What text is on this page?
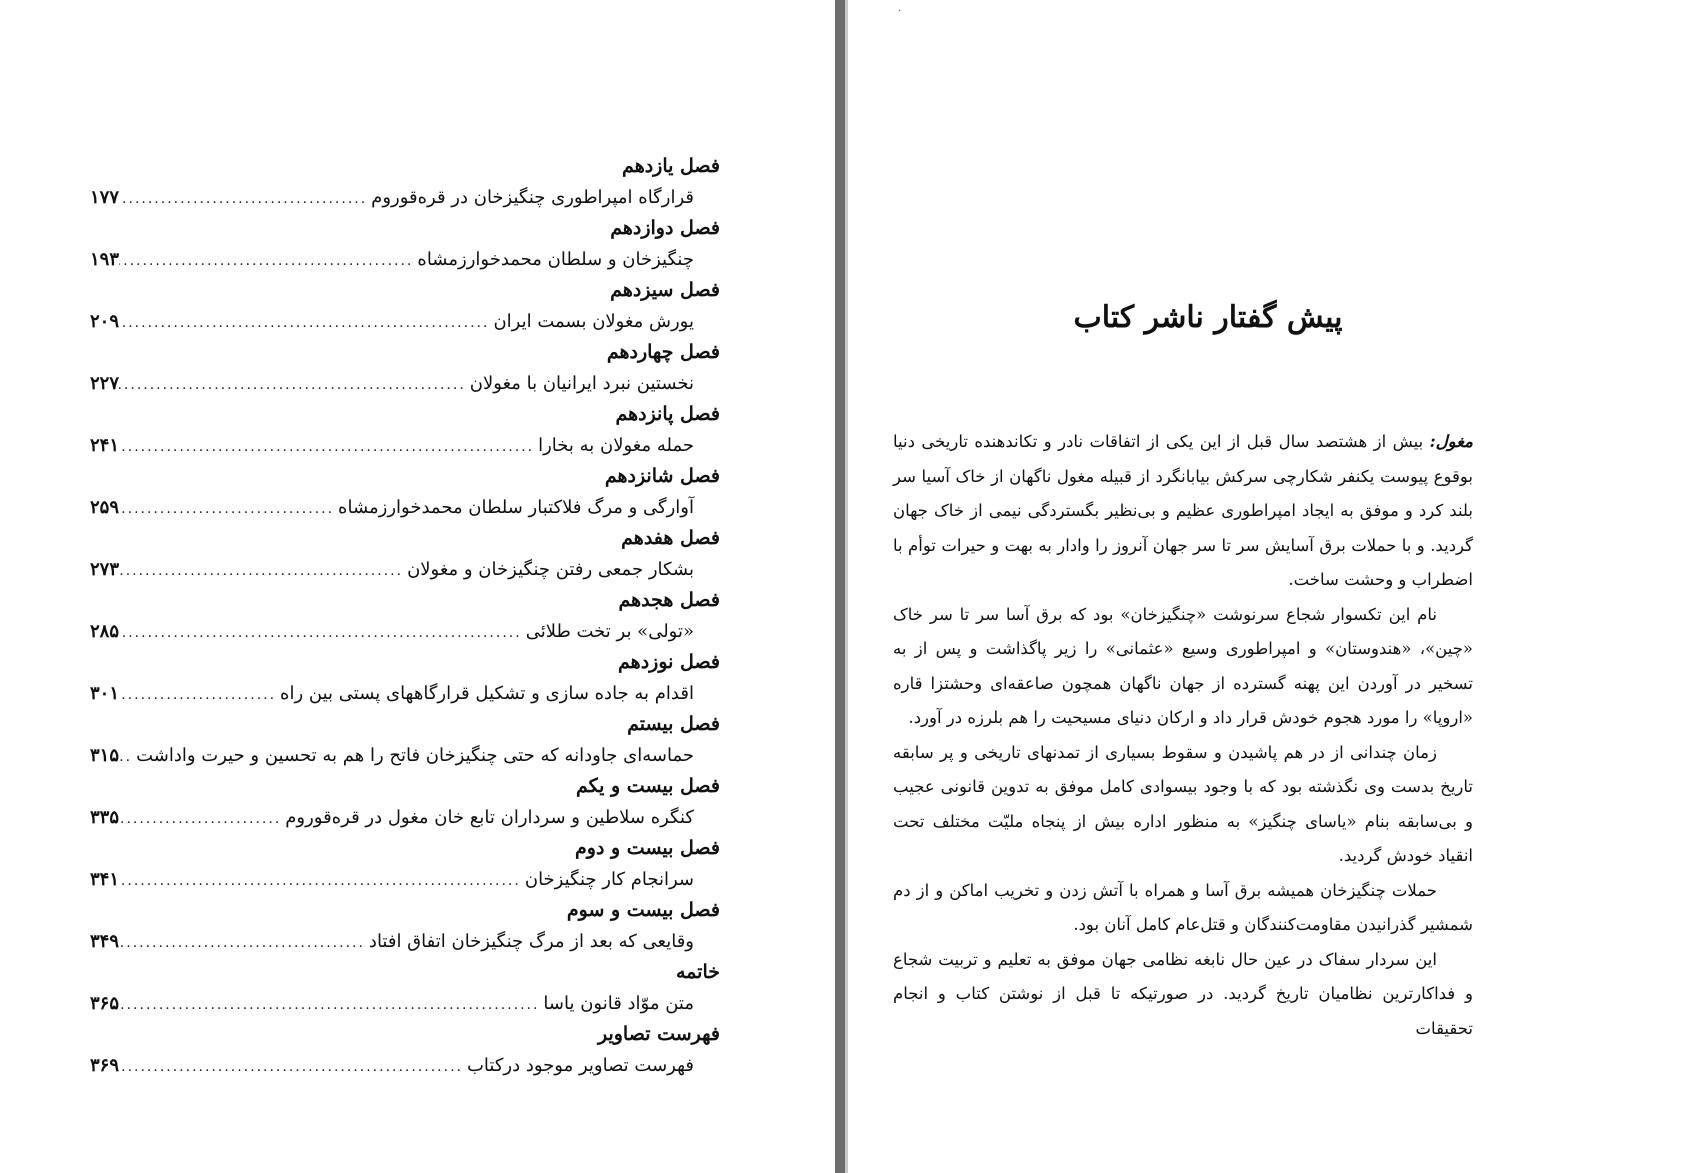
فصل یازدهم
قرارگاه امپراطوری چنگیزخان در قره‌قوروم
.....
۱۷۷
فصل دوازدهم
چنگیزخان و سلطان محمدخوارزمشاه
.....
۱۹۳
فصل سیزدهم
یورش مغولان بسمت ایران
.....
۲۰۹
فصل چهاردهم
نخستین نبرد ایرانیان با مغولان
.....
۲۲۷
فصل پانزدهم
حمله مغولان به بخارا
.....
۲۴۱
فصل شانزدهم
آوارگی و مرگ فلاکتبار سلطان محمدخوارزمشاه
.....
۲۵۹
فصل هفدهم
بشکار جمعی رفتن چنگیزخان و مغولان
.....
۲۷۳
فصل هجدهم
«تولی» بر تخت طلائی
.....
۲۸۵
فصل نوزدهم
اقدام به جاده سازی و تشکیل قرارگاههای پستی بین راه
.....
۳۰۱
فصل بیستم
حماسه‌ای جاودانه که حتی چنگیزخان فاتح را هم به تحسین و حیرت واداشت
.....
۳۱۵
فصل بیست و یکم
کنگره سلاطین و سرداران تابع خان مغول در قره‌قوروم
.....
۳۳۵
فصل بیست و دوم
سرانجام کار چنگیزخان
.....
۳۴۱
فصل بیست و سوم
وقایعی که بعد از مرگ چنگیزخان اتفاق افتاد
.....
۳۴۹
خاتمه
متن موّاد قانون یاسا
.....
۳۶۵
فهرست تصاویر
فهرست تصاویر موجود درکتاب
.....
۳۶۹
·
پیش گفتار ناشر کتاب

مغول: بیش از هشتصد سال قبل از این یکی از اتفاقات نادر و تکاندهنده تاریخی دنیا بوقوع پیوست یکنفر شکارچی سرکش بیابانگرد از قبیله مغول ناگهان از خاک آسیا سر بلند کرد و موفق به ایجاد امپراطوری عظیم و بی‌نظیر بگستردگی نیمی از خاک جهان گردید. و با حملات برق آسایش سر تا سر جهان آنروز را وادار به بهت و حیرات توأم با اضطراب و وحشت ساخت.

نام این تکسوار شجاع سرنوشت «چنگیزخان» بود که برق آسا سر تا سر خاک «چین»، «هندوستان» و امپراطوری وسیع «عثمانی» را زیر پاگذاشت و پس از به تسخیر در آوردن این پهنه گسترده از جهان ناگهان همچون صاعقه‌ای وحشتزا قاره «اروپا» را مورد هجوم خودش قرار داد و ارکان دنیای مسیحیت را هم بلرزه در آورد.

زمان چندانی از در هم پاشیدن و سقوط بسیاری از تمدنهای تاریخی و پر سابقه تاریخ بدست وی نگذشته بود که با وجود بیسوادی کامل موفق به تدوین قانونی عجیب و بی‌سابقه بنام «یاسای چنگیز» به منظور اداره بیش از پنجاه ملیّت مختلف تحت انقیاد خودش گردید.

حملات چنگیزخان همیشه برق آسا و همراه با آتش زدن و تخریب اماکن و از دم شمشیر گذرانیدن مقاومت‌کنندگان و قتل‌عام کامل آنان بود.

این سردار سفاک در عین حال نابغه نظامی جهان موفق به تعلیم و تربیت شجاع و فداکارترین نظامیان تاریخ گردید. در صورتیکه تا قبل از نوشتن کتاب و انجام تحقیقات
